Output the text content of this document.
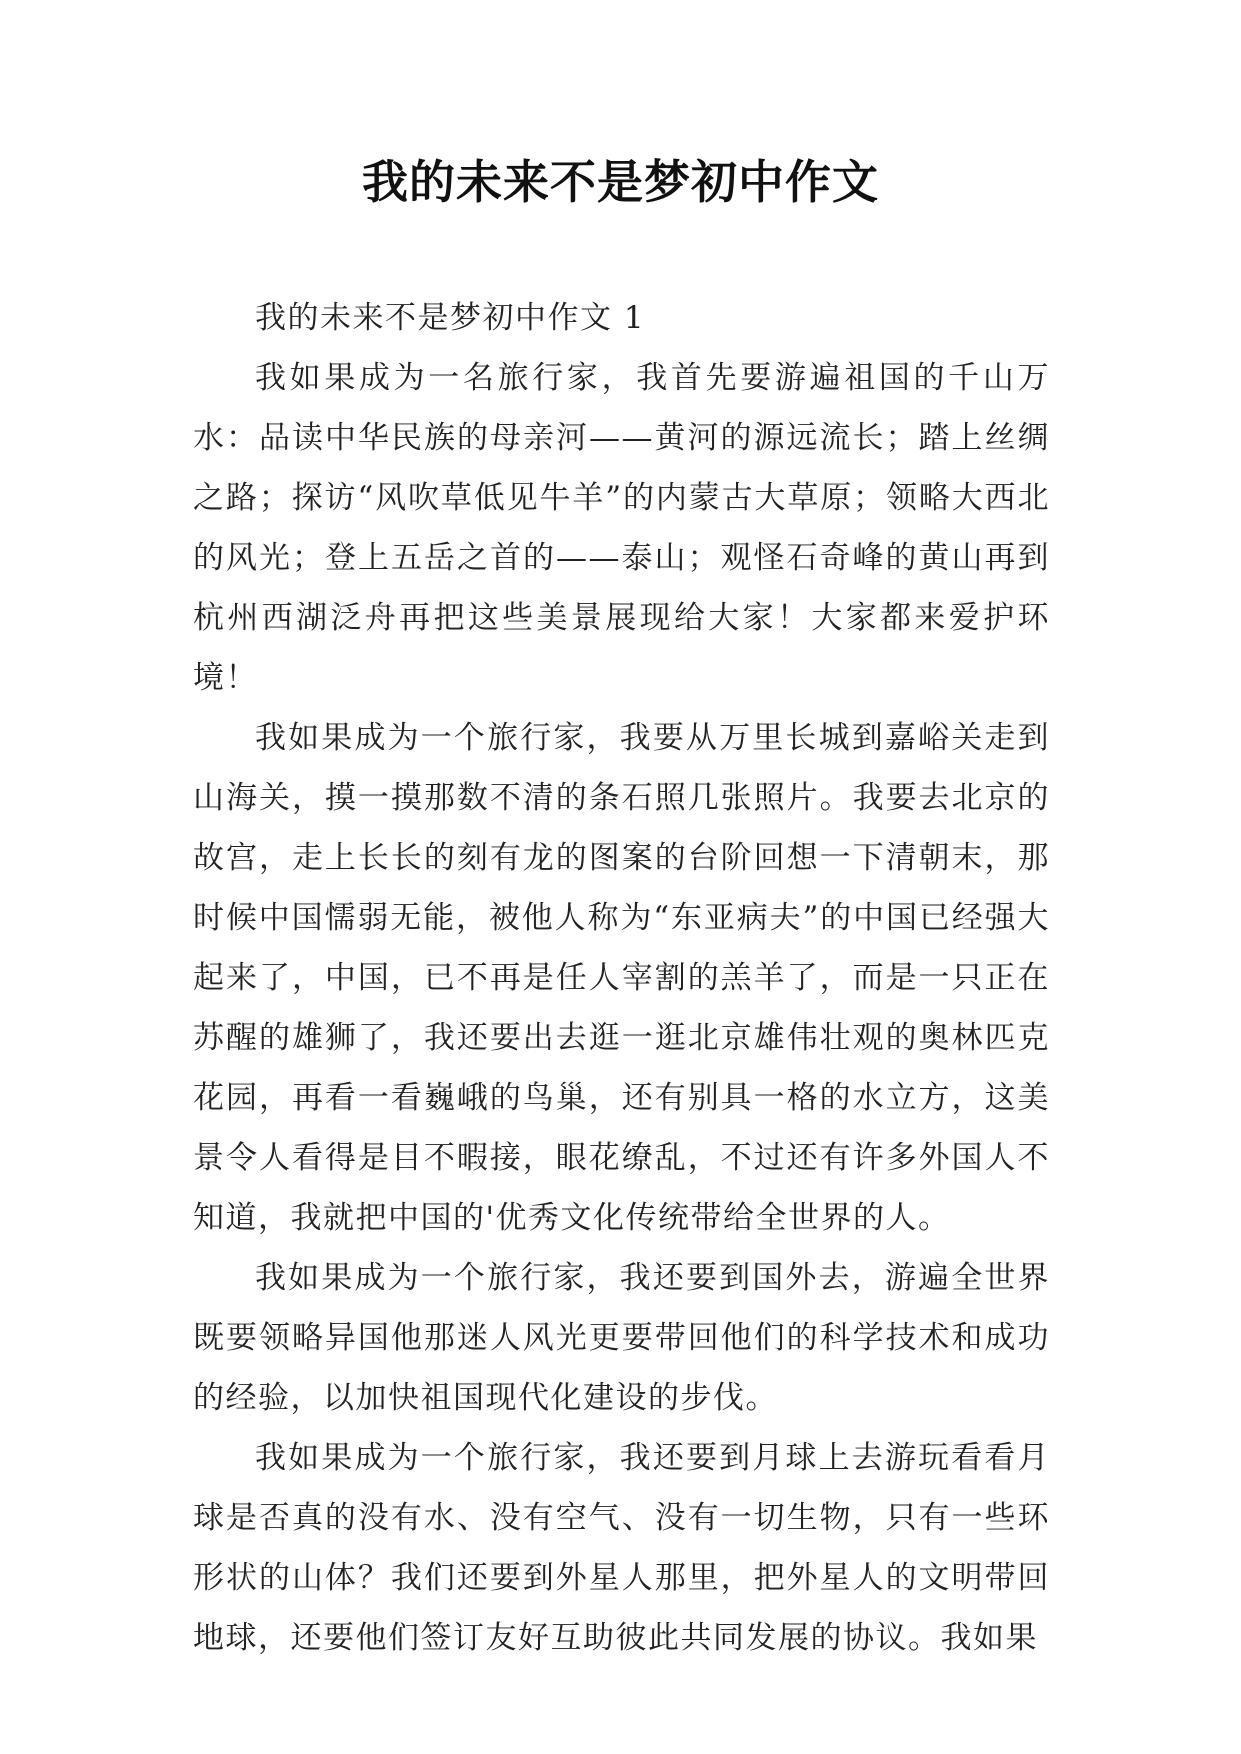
我的未来不是梦初中作文

我的未来不是梦初中作文 1

我如果成为一名旅行家，我首先要游遍祖国的千山万水：品读中华民族的母亲河——黄河的源远流长；踏上丝绸之路；探访“风吹草低见牛羊”的内蒙古大草原；领略大西北的风光；登上五岳之首的——泰山；观怪石奇峰的黄山再到杭州西湖泛舟再把这些美景展现给大家！大家都来爱护环境！

我如果成为一个旅行家，我要从万里长城到嘉峪关走到山海关，摸一摸那数不清的条石照几张照片。我要去北京的故宫，走上长长的刻有龙的图案的台阶回想一下清朝末，那时候中国懦弱无能，被他人称为“东亚病夫”的中国已经强大起来了，中国，已不再是任人宰割的羔羊了，而是一只正在苏醒的雄狮了，我还要出去逛一逛北京雄伟壮观的奥林匹克花园，再看一看巍峨的鸟巢，还有别具一格的水立方，这美景令人看得是目不暇接，眼花缭乱，不过还有许多外国人不知道，我就把中国的'优秀文化传统带给全世界的人。

我如果成为一个旅行家，我还要到国外去，游遍全世界既要领略异国他那迷人风光更要带回他们的科学技术和成功的经验，以加快祖国现代化建设的步伐。

我如果成为一个旅行家，我还要到月球上去游玩看看月球是否真的没有水、没有空气、没有一切生物，只有一些环形状的山体？我们还要到外星人那里，把外星人的文明带回地球，还要他们签订友好互助彼此共同发展的协议。我如果
